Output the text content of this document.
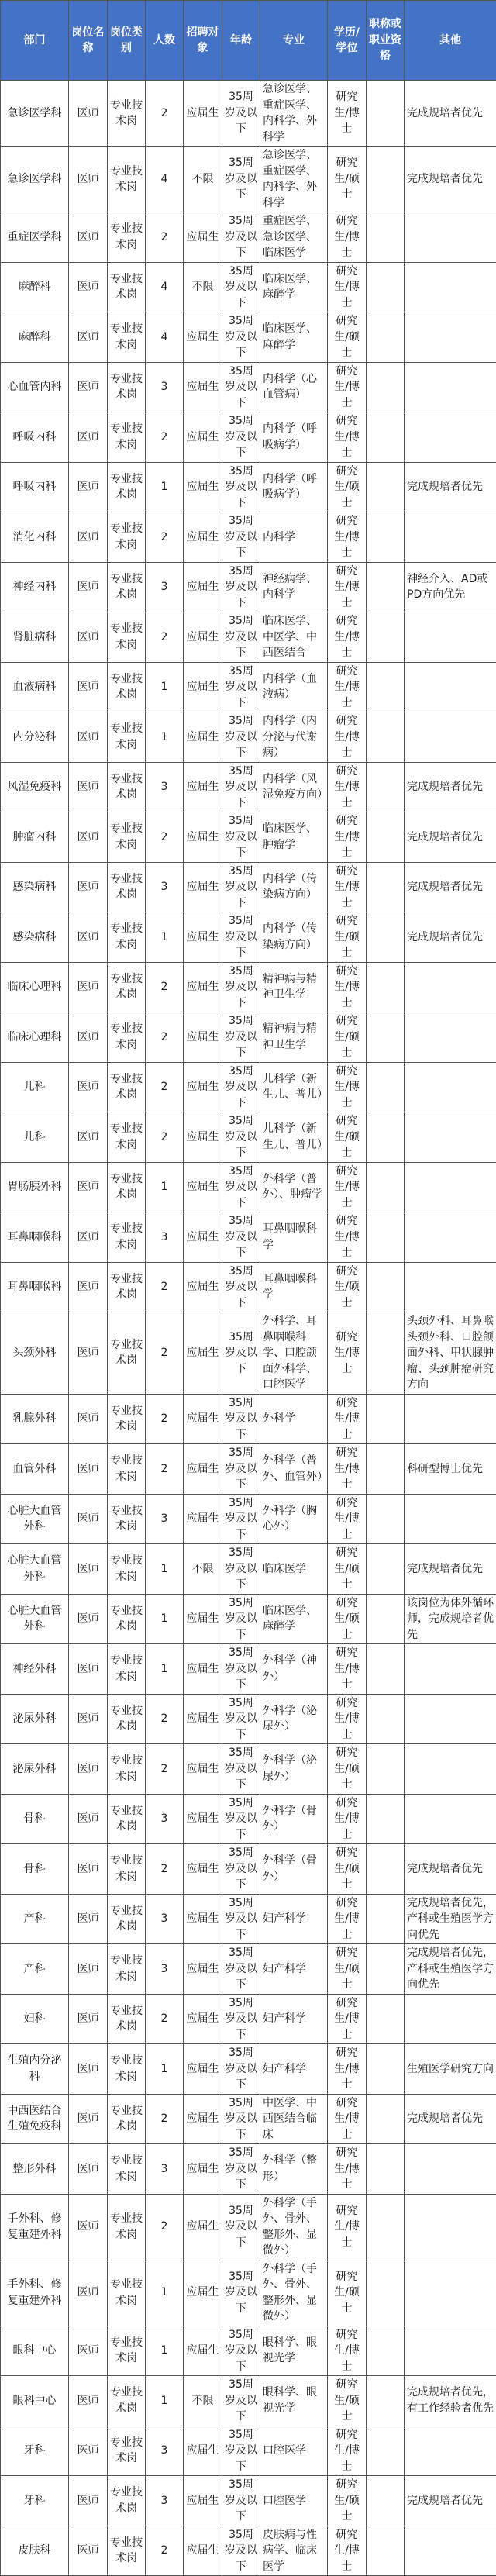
部门	岗位名称	岗位类别	人数	招聘对象	年龄	专业	学历/学位	职称或职业资格	其他
急诊医学科	医师	专业技术岗	2	应届生	35周岁及以下	急诊医学、重症医学、内科学、外科学	研究生/博士		完成规培者优先
急诊医学科	医师	专业技术岗	4	不限	35周岁及以下	急诊医学、重症医学、内科学、外科学	研究生/硕士		完成规培者优先
重症医学科	医师	专业技术岗	2	应届生	35周岁及以下	重症医学、急诊医学、临床医学	研究生/博士		
麻醉科	医师	专业技术岗	4	不限	35周岁及以下	临床医学、麻醉学	研究生/博士		
麻醉科	医师	专业技术岗	4	应届生	35周岁及以下	临床医学、麻醉学	研究生/硕士		
心血管内科	医师	专业技术岗	3	应届生	35周岁及以下	内科学（心血管病）	研究生/博士		
呼吸内科	医师	专业技术岗	2	应届生	35周岁及以下	内科学（呼吸病学）	研究生/博士		
呼吸内科	医师	专业技术岗	1	应届生	35周岁及以下	内科学（呼吸病学）	研究生/硕士		完成规培者优先
消化内科	医师	专业技术岗	2	应届生	35周岁及以下	内科学	研究生/博士		
神经内科	医师	专业技术岗	3	应届生	35周岁及以下	神经病学、内科学	研究生/博士		神经介入、AD或PD方向优先
肾脏病科	医师	专业技术岗	2	应届生	35周岁及以下	临床医学、中医学、中西医结合	研究生/博士		
血液病科	医师	专业技术岗	1	应届生	35周岁及以下	内科学（血液病）	研究生/博士		
内分泌科	医师	专业技术岗	1	应届生	35周岁及以下	内科学（内分泌与代谢病）	研究生/博士		
风湿免疫科	医师	专业技术岗	3	应届生	35周岁及以下	内科学（风湿免疫方向）	研究生/博士		完成规培者优先
肿瘤内科	医师	专业技术岗	2	应届生	35周岁及以下	临床医学、肿瘤学	研究生/博士		完成规培者优先
感染病科	医师	专业技术岗	3	应届生	35周岁及以下	内科学（传染病方向）	研究生/博士		完成规培者优先
感染病科	医师	专业技术岗	1	应届生	35周岁及以下	内科学（传染病方向）	研究生/硕士		完成规培者优先
临床心理科	医师	专业技术岗	2	应届生	35周岁及以下	精神病与精神卫生学	研究生/博士		
临床心理科	医师	专业技术岗	2	应届生	35周岁及以下	精神病与精神卫生学	研究生/硕士		
儿科	医师	专业技术岗	2	应届生	35周岁及以下	儿科学（新生儿、普儿）	研究生/博士		
儿科	医师	专业技术岗	2	应届生	35周岁及以下	儿科学（新生儿、普儿）	研究生/硕士		
胃肠胰外科	医师	专业技术岗	1	应届生	35周岁及以下	外科学（普外）、肿瘤学	研究生/博士		
耳鼻咽喉科	医师	专业技术岗	3	应届生	35周岁及以下	耳鼻咽喉科学	研究生/博士		
耳鼻咽喉科	医师	专业技术岗	2	应届生	35周岁及以下	耳鼻咽喉科学	研究生/硕士		
头颈外科	医师	专业技术岗	2	应届生	35周岁及以下	外科学、耳鼻咽喉科学、口腔颌面外科学、口腔医学	研究生/博士		头颈外科、耳鼻喉头颈外科、口腔颌面外科、甲状腺肿瘤、头颈肿瘤研究方向
乳腺外科	医师	专业技术岗	2	应届生	35周岁及以下	外科学	研究生/博士		
血管外科	医师	专业技术岗	2	应届生	35周岁及以下	外科学（普外、血管外）	研究生/博士		科研型博士优先
心脏大血管外科	医师	专业技术岗	3	应届生	35周岁及以下	外科学（胸心外）	研究生/博士		
心脏大血管外科	医师	专业技术岗	1	不限	35周岁及以下	临床医学	研究生/硕士		完成规培者优先
心脏大血管外科	医师	专业技术岗	1	应届生	35周岁及以下	临床医学、麻醉学	研究生/硕士		该岗位为体外循环师，完成规培者优先
神经外科	医师	专业技术岗	1	应届生	35周岁及以下	外科学（神外）	研究生/博士		
泌尿外科	医师	专业技术岗	2	应届生	35周岁及以下	外科学（泌尿外）	研究生/博士		
泌尿外科	医师	专业技术岗	2	应届生	35周岁及以下	外科学（泌尿外）	研究生/硕士		
骨科	医师	专业技术岗	3	应届生	35周岁及以下	外科学（骨外）	研究生/博士		
骨科	医师	专业技术岗	2	应届生	35周岁及以下	外科学（骨外）	研究生/硕士		完成规培者优先
产科	医师	专业技术岗	3	应届生	35周岁及以下	妇产科学	研究生/博士		完成规培者优先，产科或生殖医学方向优先
产科	医师	专业技术岗	3	应届生	35周岁及以下	妇产科学	研究生/硕士		完成规培者优先，产科或生殖医学方向优先
妇科	医师	专业技术岗	2	应届生	35周岁及以下	妇产科学	研究生/博士		
生殖内分泌科	医师	专业技术岗	1	应届生	35周岁及以下	妇产科学	研究生/博士		生殖医学研究方向
中西医结合生殖免疫科	医师	专业技术岗	2	应届生	35周岁及以下	中医学、中西医结合临床	研究生/博士		完成规培者优先
整形外科	医师	专业技术岗	3	应届生	35周岁及以下	外科学（整形）	研究生/博士		
手外科、修复重建外科	医师	专业技术岗	2	应届生	35周岁及以下	外科学（手外、骨外、整形外、显微外）	研究生/博士		
手外科、修复重建外科	医师	专业技术岗	1	应届生	35周岁及以下	外科学（手外、骨外、整形外、显微外）	研究生/硕士		
眼科中心	医师	专业技术岗	1	应届生	35周岁及以下	眼科学、眼视光学	研究生/博士		
眼科中心	医师	专业技术岗	1	不限	35周岁及以下	眼科学、眼视光学	研究生/硕士		完成规培者优先，有工作经验者优先
牙科	医师	专业技术岗	3	应届生	35周岁及以下	口腔医学	研究生/博士		
牙科	医师	专业技术岗	3	应届生	35周岁及以下	口腔医学	研究生/硕士		完成规培者优先
皮肤科	医师	专业技术岗	2	应届生	35周岁及以下	皮肤病与性病学、临床医学	研究生/博士		
